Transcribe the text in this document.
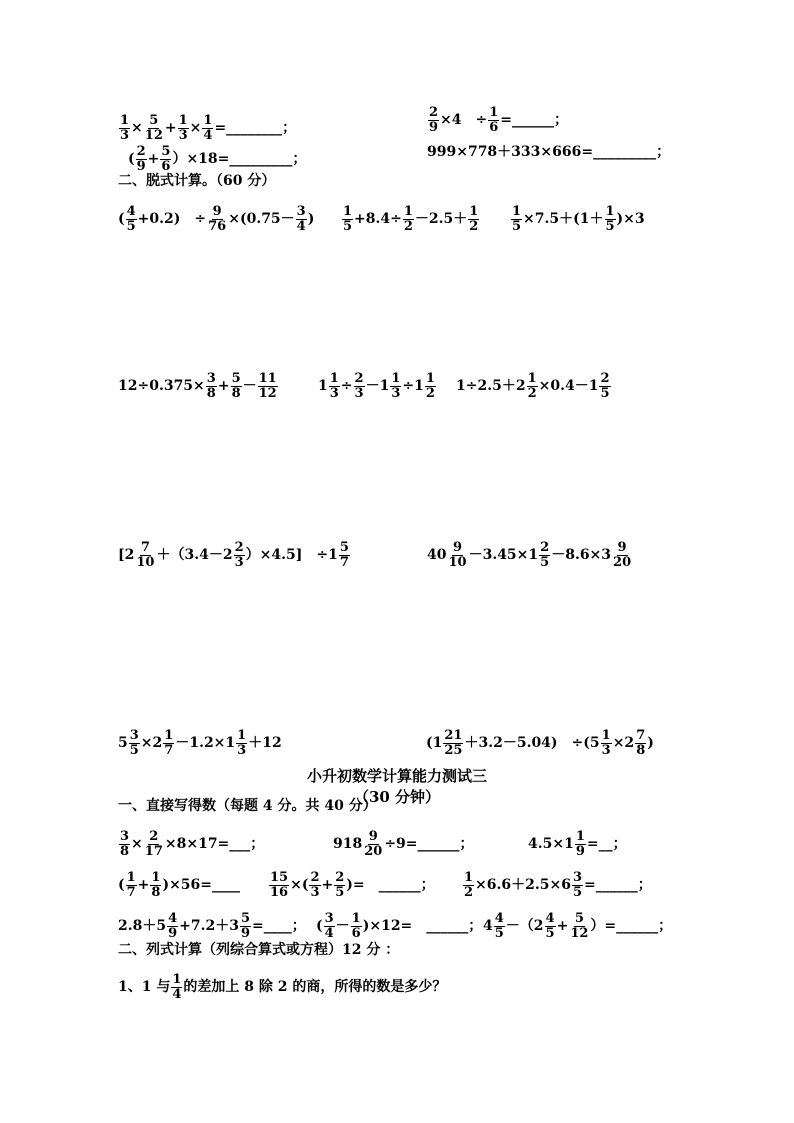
$\frac{1}{3} \times \frac{5}{12} + \frac{1}{3} \times \frac{1}{4}$ =________；	$\frac{2}{9} \times 4$　÷ $\frac{1}{6}$ =______；
( $\frac{2}{9} + \frac{5}{6}$ ）×18=_________；	999×778＋333×666=_________；
二、脱式计算。（60 分）
( $\frac{4}{5} +0.2$)　÷ $\frac{9}{76} \times(0.75- \frac{3}{4}$ ) $\frac{1}{5} +8.4\div \frac{1}{2} -2.5+ \frac{1}{2} \frac{1}{5} \times 7.5+(1+ \frac{1}{5} )\times 3$
$12\div 0.375\times \frac{3}{8} + \frac{5}{8} - \frac{11}{12}$	$1 \frac{1}{3} \div \frac{2}{3} -1 \frac{1}{3} \div 1 \frac{1}{2} 1\div 2.5+2 \frac{1}{2} \times 0.4-1 \frac{2}{5}$
$[2 \frac{7}{10} +(3.4-2 \frac{2}{3} )\times 4.5]$　$\div 1 \frac{5}{7}$	$40 \frac{9}{10} -3.45\times 1 \frac{2}{5} -8.6\times 3 \frac{9}{20}$
$5 \frac{3}{5} \times 2 \frac{1}{7} -1.2\times 1 \frac{1}{3} +12$	$(1 \frac{21}{25} +3.2-5.04)$　$\div(5 \frac{1}{3} \times 2 \frac{7}{8}$ )
一、直接写得数（每题 4 分。共 40 分）
$\frac{3}{8} \times \frac{2}{17}$ ×8×17=___；	$918 \frac{9}{20}$ ÷9=______；	$4.5\times 1 \frac{1}{9}$ =__；
( $\frac{1}{7} + \frac{1}{8}$ )×56=____ $\frac{15}{16}$ ×( $\frac{2}{3} + \frac{2}{5}$ )=　______； $\frac{1}{2} \times 6.6+2.5\times 6 \frac{3}{5}$ =______；
$2.8+5 \frac{4}{9} +7.2+3 \frac{5}{9}$ =____； ( $\frac{3}{4} - \frac{1}{6} )\times 12=$　______； $4 \frac{4}{5} -(2 \frac{4}{5} + \frac{5}{12}$ ）=______；
二、列式计算（列综合算式或方程）12 分 ：
1、1 与 $\frac{1}{4}$ 的差加上 8 除 2 的商，所得的数是多少？
小升初数学计算能力测试三
（30 分钟）
